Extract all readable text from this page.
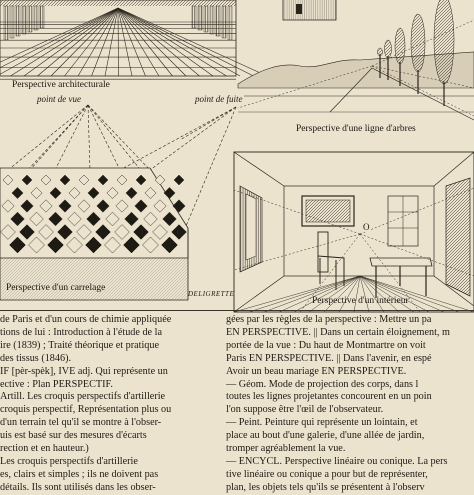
Perspective architecturale
Perspective d'une ligne d'arbres
Perspective d'un carrelage
Perspective d'un intérieur
point de vue	point de fuite
O
DELIGRETTE
de Paris et d'un cours de chimie appliquée
tions de lui : Introduction à l'étude de la
ire (1839) ; Traité théorique et pratique
des tissus (1846).
IF [pèr-spèk], IVE adj. Qui représente un
ective : Plan PERSPECTIF.
Artill. Les croquis perspectifs d'artillerie
croquis perspectif, Représentation plus ou
d'un terrain tel qu'il se montre à l'obser-
uis est basé sur des mesures d'écarts
rection et en hauteur.)
Les croquis perspectifs d'artillerie
es, clairs et simples ; ils ne doivent pas
détails. Ils sont utilisés dans les obser-
gées par les règles de la perspective : Mettre un pa
EN PERSPECTIVE. || Dans un certain éloignement, m
portée de la vue : Du haut de Montmartre on voit
Paris EN PERSPECTIVE. || Dans l'avenir, en espé
Avoir un beau mariage EN PERSPECTIVE.
— Géom. Mode de projection des corps, dans l
toutes les lignes projetantes concourent en un poin
l'on suppose être l'œil de l'observateur.
— Peint. Peinture qui représente un lointain, et
place au bout d'une galerie, d'une allée de jardin,
tromper agréablement la vue.
— ENCYCL. Perspective linéaire ou conique. La pers
tive linéaire ou conique a pour but de représenter,
plan, les objets tels qu'ils se présentent à l'observ
